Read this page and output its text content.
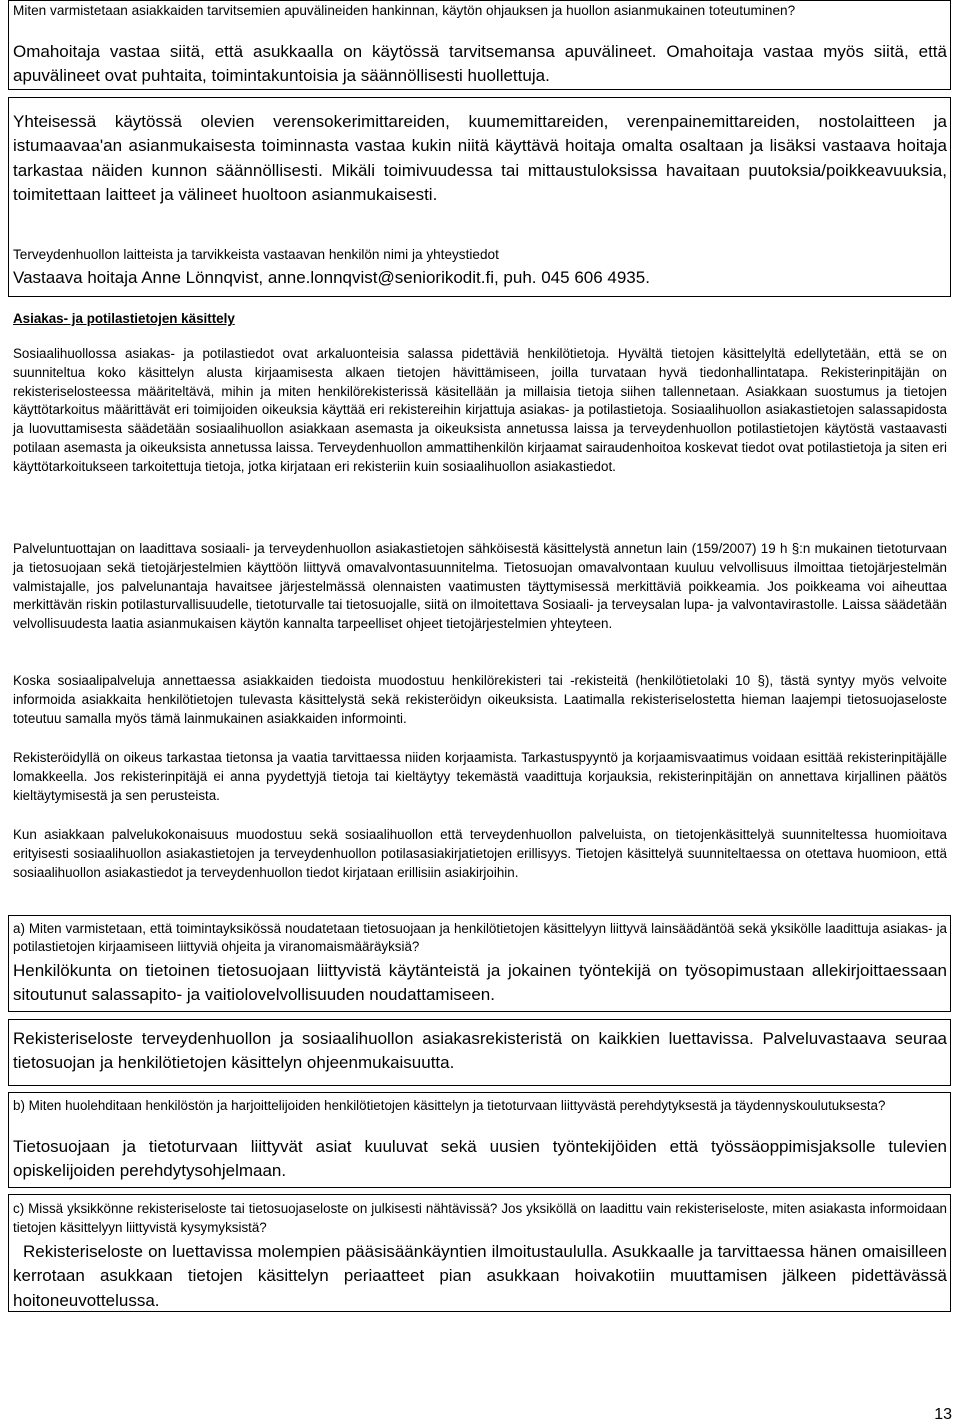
Miten varmistetaan asiakkaiden tarvitsemien apuvälineiden hankinnan, käytön ohjauksen ja huollon asianmukainen toteutuminen?
Omahoitaja vastaa siitä, että asukkaalla on käytössä tarvitsemansa apuvälineet. Omahoitaja vastaa myös siitä, että apuvälineet ovat puhtaita, toimintakuntoisia ja säännöllisesti huollettuja.
Yhteisessä käytössä olevien verensokerimittareiden, kuumemittareiden, verenpainemittareiden, nostolaitteen ja istumaavaa'an asianmukaisesta toiminnasta vastaa kukin niitä käyttävä hoitaja omalta osaltaan ja lisäksi vastaava hoitaja tarkastaa näiden kunnon säännöllisesti. Mikäli toimivuudessa tai mittaustuloksissa havaitaan puutoksia/poikkeavuuksia, toimitettaan laitteet ja välineet huoltoon asianmukaisesti.
Terveydenhuollon laitteista ja tarvikkeista vastaavan henkilön nimi ja yhteystiedot
Vastaava hoitaja Anne Lönnqvist, anne.lonnqvist@seniorikodit.fi, puh. 045 606 4935.
Asiakas- ja potilastietojen käsittely
Sosiaalihuollossa asiakas- ja potilastiedot ovat arkaluonteisia salassa pidettäviä henkilötietoja. Hyvältä tietojen käsittelyltä edellytetään, että se on suunniteltua koko käsittelyn alusta kirjaamisesta alkaen tietojen hävittämiseen, joilla turvataan hyvä tiedonhallintatapa. Rekisterinpitäjän on rekisteriselosteessa määriteltävä, mihin ja miten henkilörekisterissä käsitellään ja millaisia tietoja siihen tallennetaan. Asiakkaan suostumus ja tietojen käyttötarkoitus määrittävät eri toimijoiden oikeuksia käyttää eri rekistereihin kirjattuja asiakas- ja potilastietoja. Sosiaalihuollon asiakastietojen salassapidosta ja luovuttamisesta säädetään sosiaalihuollon asiakkaan asemasta ja oikeuksista annetussa laissa ja terveydenhuollon potilastietojen käytöstä vastaavasti potilaan asemasta ja oikeuksista annetussa laissa. Terveydenhuollon ammattihenkilön kirjaamat sairaudenhoitoa koskevat tiedot ovat potilastietoja ja siten eri käyttötarkoitukseen tarkoitettuja tietoja, jotka kirjataan eri rekisteriin kuin sosiaalihuollon asiakastiedot.
Palveluntuottajan on laadittava sosiaali- ja terveydenhuollon asiakastietojen sähköisestä käsittelystä annetun lain (159/2007) 19 h §:n mukainen tietoturvaan ja tietosuojaan sekä tietojärjestelmien käyttöön liittyvä omavalvontasuunnitelma. Tietosuojan omavalvontaan kuuluu velvollisuus ilmoittaa tietojärjestelmän valmistajalle, jos palvelunantaja havaitsee järjestelmässä olennaisten vaatimusten täyttymisessä merkittäviä poikkeamia. Jos poikkeama voi aiheuttaa merkittävän riskin potilasturvallisuudelle, tietoturvalle tai tietosuojalle, siitä on ilmoitettava Sosiaali- ja terveysalan lupa- ja valvontavirastolle. Laissa säädetään velvollisuudesta laatia asianmukaisen käytön kannalta tarpeelliset ohjeet tietojärjestelmien yhteyteen.
Koska sosiaalipalveluja annettaessa asiakkaiden tiedoista muodostuu henkilörekisteri tai -rekisteitä (henkilötietolaki 10 §), tästä syntyy myös velvoite informoida asiakkaita henkilötietojen tulevasta käsittelystä sekä rekisteröidyn oikeuksista. Laatimalla rekisteriselostetta hieman laajempi tietosuojaseloste toteutuu samalla myös tämä lainmukainen asiakkaiden informointi.
Rekisteröidyllä on oikeus tarkastaa tietonsa ja vaatia tarvittaessa niiden korjaamista. Tarkastuspyyntö ja korjaamisvaatimus voidaan esittää rekisterinpitäjälle lomakkeella. Jos rekisterinpitäjä ei anna pyydettyjä tietoja tai kieltäytyy tekemästä vaadittuja korjauksia, rekisterinpitäjän on annettava kirjallinen päätös kieltäytymisestä ja sen perusteista.
Kun asiakkaan palvelukokonaisuus muodostuu sekä sosiaalihuollon että terveydenhuollon palveluista, on tietojenkäsittelyä suunniteltessa huomioitava erityisesti sosiaalihuollon asiakastietojen ja terveydenhuollon potilasasiakirjatietojen erillisyys. Tietojen käsittelyä suunniteltaessa on otettava huomioon, että sosiaalihuollon asiakastiedot ja terveydenhuollon tiedot kirjataan erillisiin asiakirjoihin.
a) Miten varmistetaan, että toimintayksikössä noudatetaan tietosuojaan ja henkilötietojen käsittelyyn liittyvä lainsäädäntöä sekä yksikölle laadittuja asiakas- ja potilastietojen kirjaamiseen liittyviä ohjeita ja viranomaismääräyksiä?
Henkilökunta on tietoinen tietosuojaan liittyvistä käytänteistä ja jokainen työntekijä on työsopimustaan allekirjoittaessaan sitoutunut salassapito- ja vaitiolovelvollisuuden noudattamiseen.
Rekisteriseloste terveydenhuollon ja sosiaalihuollon asiakasrekisteristä on kaikkien luettavissa. Palveluvastaava seuraa tietosuojan ja henkilötietojen käsittelyn ohjeenmukaisuutta.
b) Miten huolehditaan henkilöstön ja harjoittelijoiden henkilötietojen käsittelyn ja tietoturvaan liittyvästä perehdytyksestä ja täydennyskoulutuksesta?
Tietosuojaan ja tietoturvaan liittyvät asiat kuuluvat sekä uusien työntekijöiden että työssäoppimisjaksolle tulevien opiskelijoiden perehdytysohjelmaan.
c) Missä yksikkönne rekisteriseloste tai tietosuojaseloste on julkisesti nähtävissä? Jos yksiköllä on laadittu vain rekisteriseloste, miten asiakasta informoidaan tietojen käsittelyyn liittyvistä kysymyksistä?
Rekisteriseloste on luettavissa molempien pääsisäänkäyntien ilmoitustaululla. Asukkaalle ja tarvittaessa hänen omaisilleen kerrotaan asukkaan tietojen käsittelyn periaatteet pian asukkaan hoivakotiin muuttamisen jälkeen pidettävässä hoitoneuvottelussa.
13
